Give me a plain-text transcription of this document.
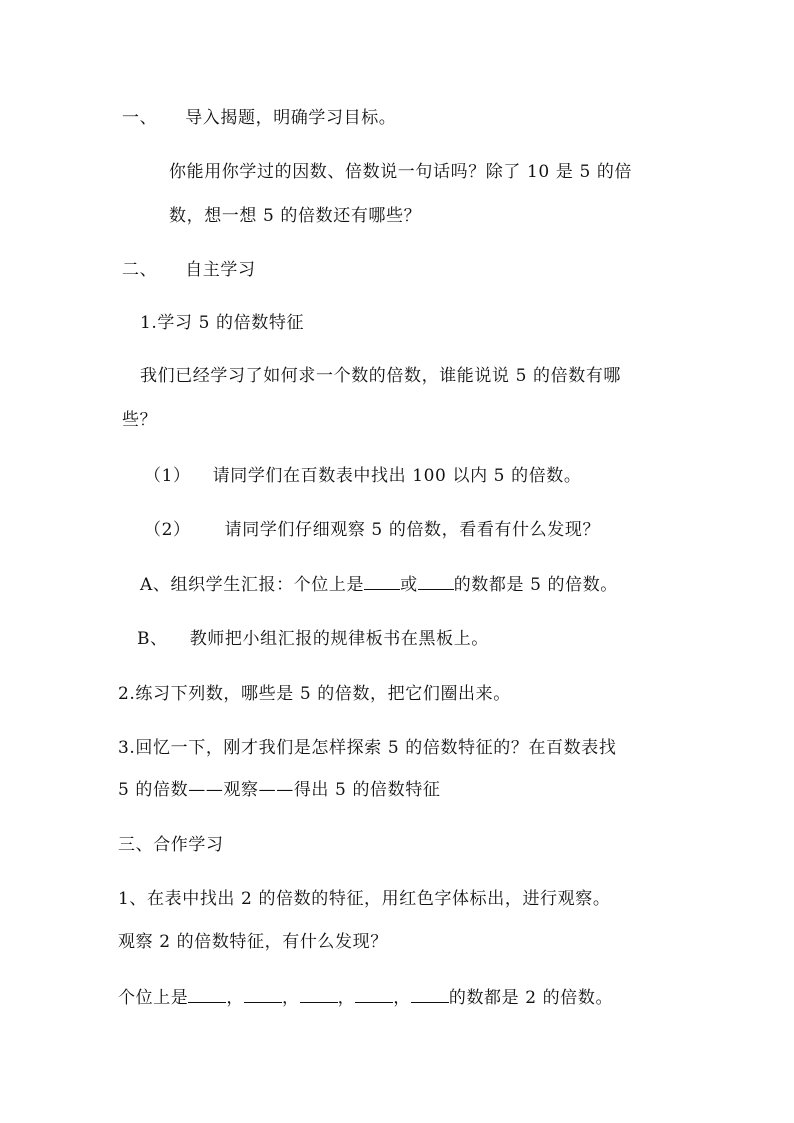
一、 导入揭题，明确学习目标。
你能用你学过的因数、倍数说一句话吗？除了 10 是 5 的倍
数，想一想 5 的倍数还有哪些？
二、 自主学习
1.学习 5 的倍数特征
我们已经学习了如何求一个数的倍数，谁能说说 5 的倍数有哪
些？
（1） 请同学们在百数表中找出 100 以内 5 的倍数。
（2） 请同学们仔细观察 5 的倍数，看看有什么发现？
A、组织学生汇报：个位上是 或 的数都是 5 的倍数。
B、 教师把小组汇报的规律板书在黑板上。
2.练习下列数，哪些是 5 的倍数，把它们圈出来。
3.回忆一下，刚才我们是怎样探索 5 的倍数特征的？在百数表找
5 的倍数——观察——得出 5 的倍数特征
三、合作学习
1、在表中找出 2 的倍数的特征，用红色字体标出，进行观察。
观察 2 的倍数特征，有什么发现？
个位上是 ， ， ， ， 的数都是 2 的倍数。
